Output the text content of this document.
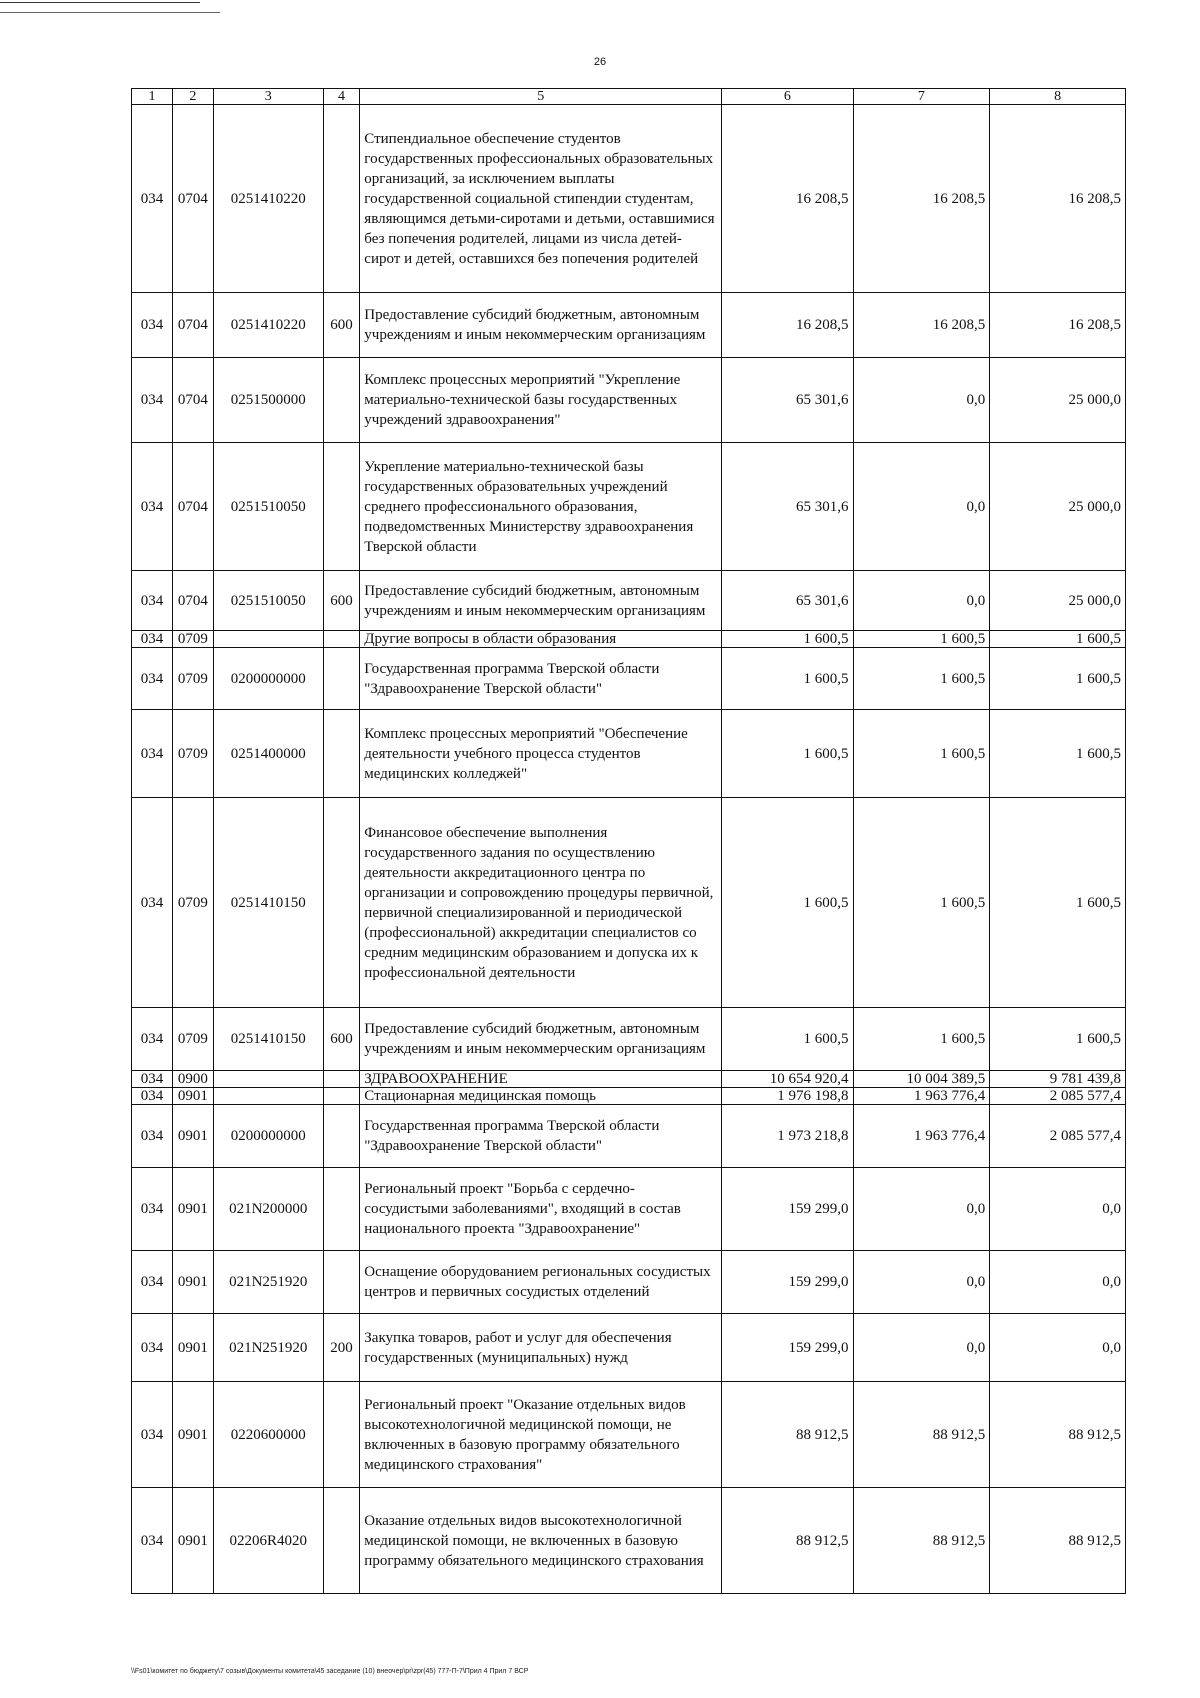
26
1	2	3	4	5	6	7	8
034	0704	0251410220		Стипендиальное обеспечение студентов государственных профессиональных образовательных организаций, за исключением выплаты государственной социальной стипендии студентам, являющимся детьми-сиротами и детьми, оставшимися без попечения родителей, лицами из числа детей-сирот и детей, оставшихся без попечения родителей	16 208,5	16 208,5	16 208,5
034	0704	0251410220	600	Предоставление субсидий бюджетным, автономным учреждениям и иным некоммерческим организациям	16 208,5	16 208,5	16 208,5
034	0704	0251500000		Комплекс процессных мероприятий "Укрепление материально-технической базы государственных учреждений здравоохранения"	65 301,6	0,0	25 000,0
034	0704	0251510050		Укрепление материально-технической базы государственных образовательных учреждений среднего профессионального образования, подведомственных Министерству здравоохранения Тверской области	65 301,6	0,0	25 000,0
034	0704	0251510050	600	Предоставление субсидий бюджетным, автономным учреждениям и иным некоммерческим организациям	65 301,6	0,0	25 000,0
034	0709			Другие вопросы в области образования	1 600,5	1 600,5	1 600,5
034	0709	0200000000		Государственная программа Тверской области "Здравоохранение Тверской области"	1 600,5	1 600,5	1 600,5
034	0709	0251400000		Комплекс процессных мероприятий "Обеспечение деятельности учебного процесса студентов медицинских колледжей"	1 600,5	1 600,5	1 600,5
034	0709	0251410150		Финансовое обеспечение выполнения государственного задания по осуществлению деятельности аккредитационного центра по организации и сопровождению процедуры первичной, первичной специализированной и периодической (профессиональной) аккредитации специалистов со средним медицинским образованием и допуска их к профессиональной деятельности	1 600,5	1 600,5	1 600,5
034	0709	0251410150	600	Предоставление субсидий бюджетным, автономным учреждениям и иным некоммерческим организациям	1 600,5	1 600,5	1 600,5
034	0900			ЗДРАВООХРАНЕНИЕ	10 654 920,4	10 004 389,5	9 781 439,8
034	0901			Стационарная медицинская помощь	1 976 198,8	1 963 776,4	2 085 577,4
034	0901	0200000000		Государственная программа Тверской области "Здравоохранение Тверской области"	1 973 218,8	1 963 776,4	2 085 577,4
034	0901	021N200000		Региональный проект "Борьба с сердечно-сосудистыми заболеваниями", входящий в состав национального проекта "Здравоохранение"	159 299,0	0,0	0,0
034	0901	021N251920		Оснащение оборудованием региональных сосудистых центров и первичных сосудистых отделений	159 299,0	0,0	0,0
034	0901	021N251920	200	Закупка товаров, работ и услуг для обеспечения государственных (муниципальных) нужд	159 299,0	0,0	0,0
034	0901	0220600000		Региональный проект "Оказание отдельных видов высокотехнологичной медицинской помощи, не включенных в базовую программу обязательного медицинского страхования"	88 912,5	88 912,5	88 912,5
034	0901	02206R4020		Оказание отдельных видов высокотехнологичной медицинской помощи, не включенных в базовую программу обязательного медицинского страхования	88 912,5	88 912,5	88 912,5
\\Fs01\комитет по бюджету\7 созыв\Документы комитета\45 заседание (10) внеочер\pr\zpr(45) 777-П-7\Прил 4 Прил 7 ВСР
